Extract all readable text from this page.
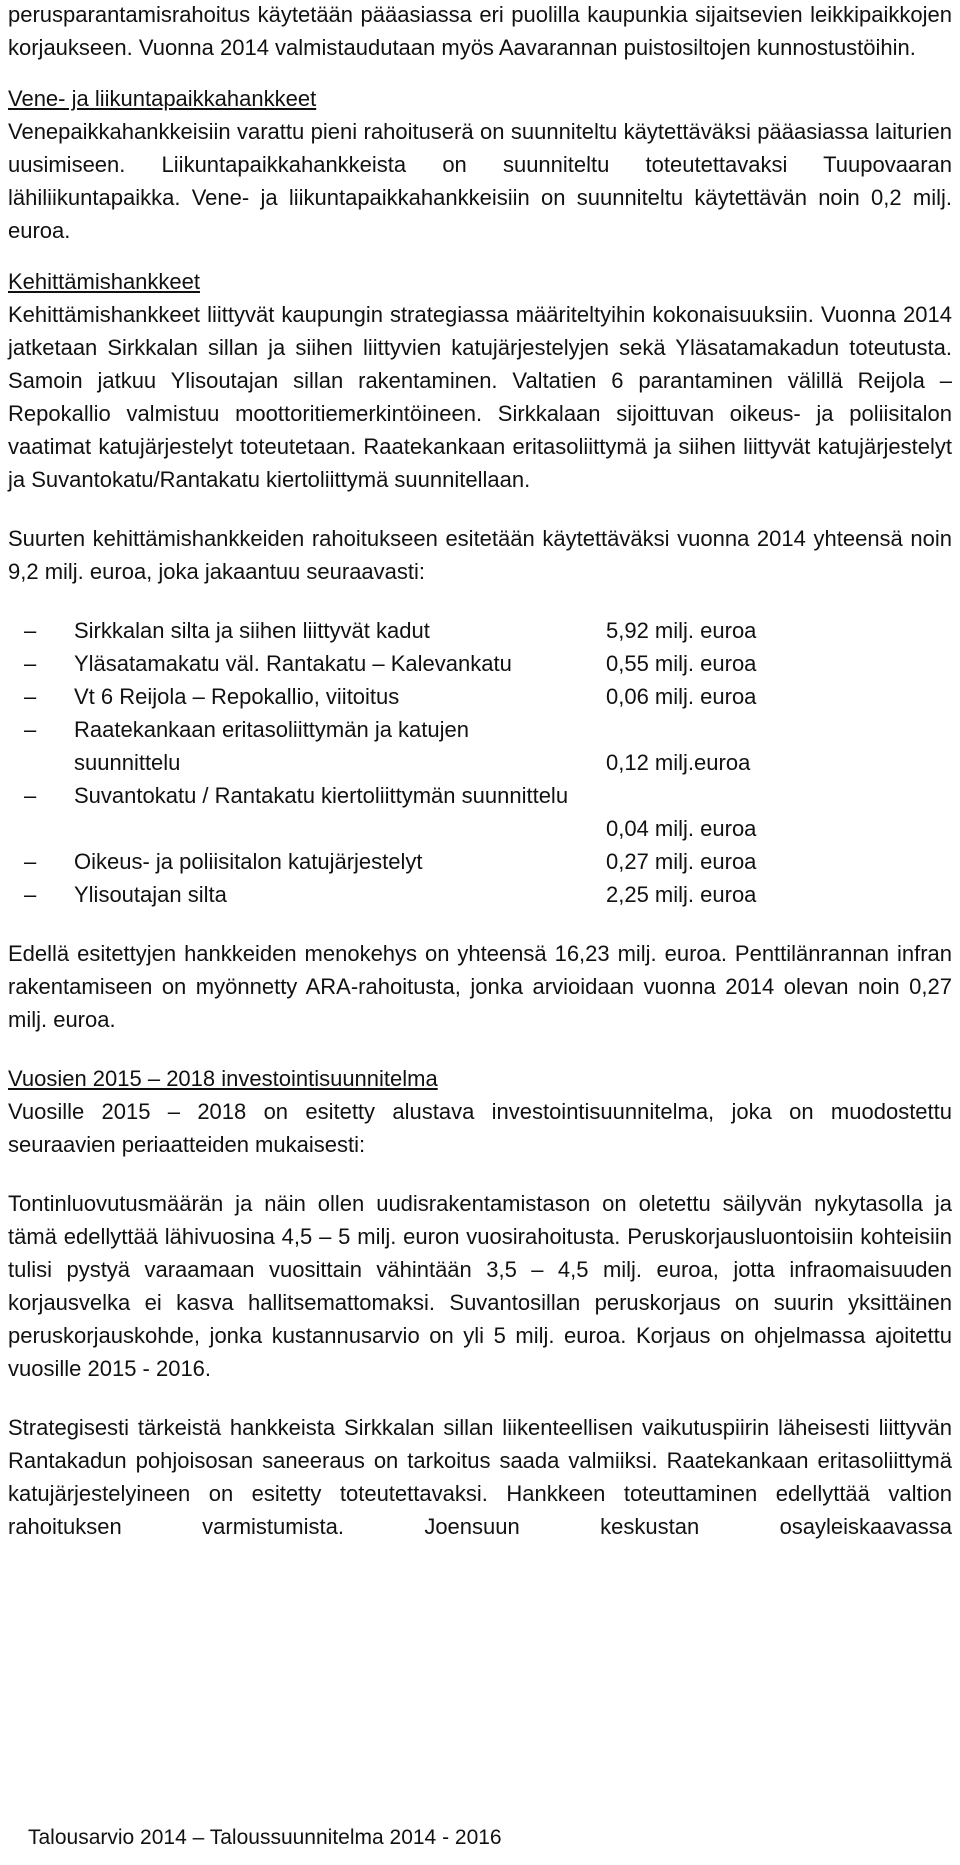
perusparantamisrahoitus käytetään pääasiassa eri puolilla kaupunkia sijaitsevien leikkipaikkojen korjaukseen. Vuonna 2014 valmistaudutaan myös Aavarannan puistosiltojen kunnostustöihin.

Vene- ja liikuntapaikkahankkeet

Venepaikkahankkeisiin varattu pieni rahoituserä on suunniteltu käytettäväksi pääasiassa laiturien uusimiseen. Liikuntapaikkahankkeista on suunniteltu toteutettavaksi Tuupovaaran lähiliikuntapaikka. Vene- ja liikuntapaikkahankkeisiin on suunniteltu käytettävän noin 0,2 milj. euroa.

Kehittämishankkeet

Kehittämishankkeet liittyvät kaupungin strategiassa määriteltyihin kokonaisuuksiin. Vuonna 2014 jatketaan Sirkkalan sillan ja siihen liittyvien katujärjestelyjen sekä Yläsatamakadun toteutusta. Samoin jatkuu Ylisoutajan sillan rakentaminen. Valtatien 6 parantaminen välillä Reijola – Repokallio valmistuu moottoritiemerkintöineen. Sirkkalaan sijoittuvan oikeus- ja poliisitalon vaatimat katujärjestelyt toteutetaan. Raatekankaan eritasoliittymä ja siihen liittyvät katujärjestelyt ja Suvantokatu/Rantakatu kiertoliittymä suunnitellaan.

Suurten kehittämishankkeiden rahoitukseen esitetään käytettäväksi vuonna 2014 yhteensä noin 9,2 milj. euroa, joka jakaantuu seuraavasti:

– Sirkkalan silta ja siihen liittyvät kadut	5,92 milj. euroa
– Yläsatamakatu väl. Rantakatu – Kalevankatu	0,55 milj. euroa
– Vt 6 Reijola – Repokallio, viitoitus	0,06 milj. euroa
– Raatekankaan eritasoliittymän ja katujen
suunnittelu	0,12 milj.euroa
– Suvantokatu / Rantakatu kiertoliittymän suunnittelu
0,04 milj. euroa
– Oikeus- ja poliisitalon katujärjestelyt	0,27 milj. euroa
– Ylisoutajan silta	2,25 milj. euroa

Edellä esitettyjen hankkeiden menokehys on yhteensä 16,23 milj. euroa. Penttilänrannan infran rakentamiseen on myönnetty ARA-rahoitusta, jonka arvioidaan vuonna 2014 olevan noin 0,27 milj. euroa.

Vuosien 2015 – 2018 investointisuunnitelma

Vuosille 2015 – 2018 on esitetty alustava investointisuunnitelma, joka on muodostettu seuraavien periaatteiden mukaisesti:

Tontinluovutusmäärän ja näin ollen uudisrakentamistason on oletettu säilyvän nykytasolla ja tämä edellyttää lähivuosina 4,5 – 5 milj. euron vuosirahoitusta. Peruskorjausluontoisiin kohteisiin tulisi pystyä varaamaan vuosittain vähintään 3,5 – 4,5 milj. euroa, jotta infraomaisuuden korjausvelka ei kasva hallitsemattomaksi. Suvantosillan peruskorjaus on suurin yksittäinen peruskorjauskohde, jonka kustannusarvio on yli 5 milj. euroa. Korjaus on ohjelmassa ajoitettu vuosille 2015 - 2016.

Strategisesti tärkeistä hankkeista Sirkkalan sillan liikenteellisen vaikutuspiirin läheisesti liittyvän Rantakadun pohjoisosan saneeraus on tarkoitus saada valmiiksi. Raatekankaan eritasoliittymä katujärjestelyineen on esitetty toteutettavaksi. Hankkeen toteuttaminen edellyttää valtion rahoituksen varmistumista. Joensuun keskustan osayleiskaavassa

Talousarvio 2014 – Taloussuunnitelma 2014 - 2016
